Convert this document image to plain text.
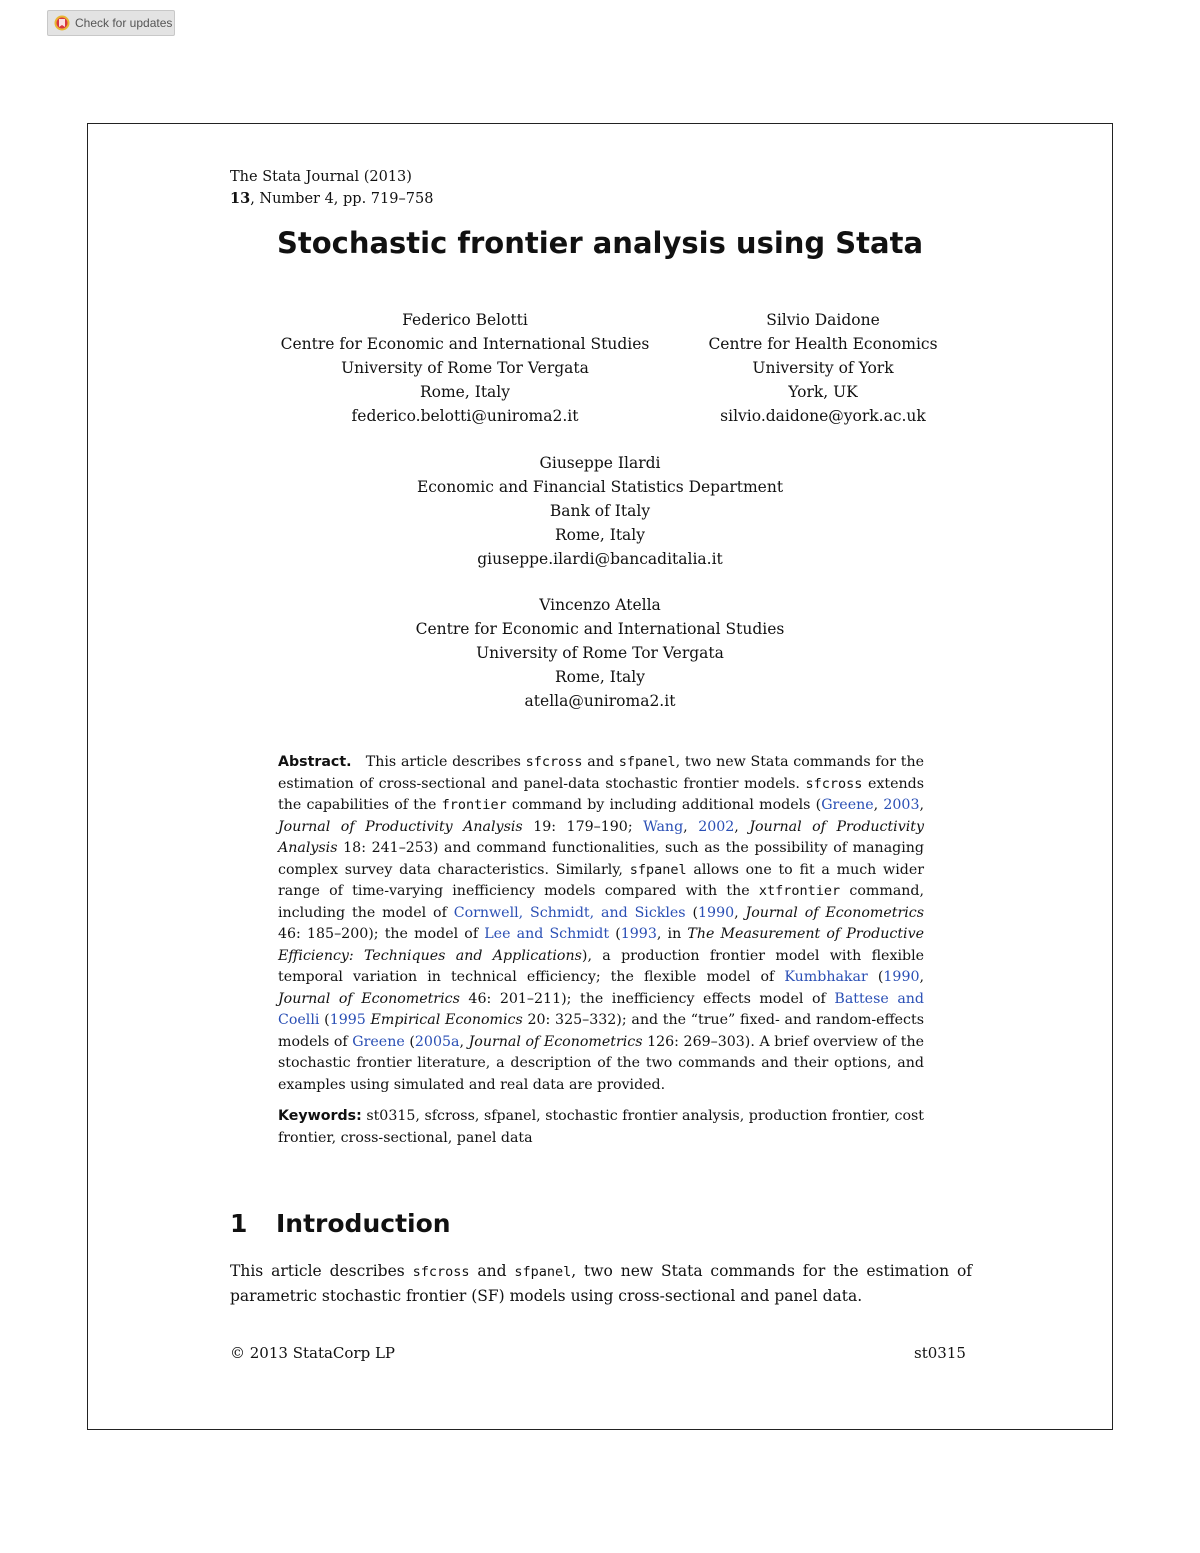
Check for updates
The Stata Journal (2013)
13, Number 4, pp. 719–758
Stochastic frontier analysis using Stata
Federico Belotti
Centre for Economic and International Studies
University of Rome Tor Vergata
Rome, Italy
federico.belotti@uniroma2.it
Silvio Daidone
Centre for Health Economics
University of York
York, UK
silvio.daidone@york.ac.uk
Giuseppe Ilardi
Economic and Financial Statistics Department
Bank of Italy
Rome, Italy
giuseppe.ilardi@bancaditalia.it
Vincenzo Atella
Centre for Economic and International Studies
University of Rome Tor Vergata
Rome, Italy
atella@uniroma2.it
Abstract. This article describes sfcross and sfpanel, two new Stata commands for the estimation of cross-sectional and panel-data stochastic frontier models. sfcross extends the capabilities of the frontier command by including additional models (Greene, 2003, Journal of Productivity Analysis 19: 179–190; Wang, 2002, Journal of Productivity Analysis 18: 241–253) and command functionalities, such as the possibility of managing complex survey data characteristics. Similarly, sfpanel allows one to fit a much wider range of time-varying inefficiency models compared with the xtfrontier command, including the model of Cornwell, Schmidt, and Sickles (1990, Journal of Econometrics 46: 185–200); the model of Lee and Schmidt (1993, in The Measurement of Productive Efficiency: Techniques and Applications), a production frontier model with flexible temporal variation in technical efficiency; the flexible model of Kumbhakar (1990, Journal of Econometrics 46: 201–211); the inefficiency effects model of Battese and Coelli (1995 Empirical Economics 20: 325–332); and the “true” fixed- and random-effects models of Greene (2005a, Journal of Econometrics 126: 269–303). A brief overview of the stochastic frontier literature, a description of the two commands and their options, and examples using simulated and real data are provided.
Keywords: st0315, sfcross, sfpanel, stochastic frontier analysis, production frontier, cost frontier, cross-sectional, panel data
1 Introduction
This article describes sfcross and sfpanel, two new Stata commands for the estimation of parametric stochastic frontier (SF) models using cross-sectional and panel data.
© 2013 StataCorp LP	st0315
